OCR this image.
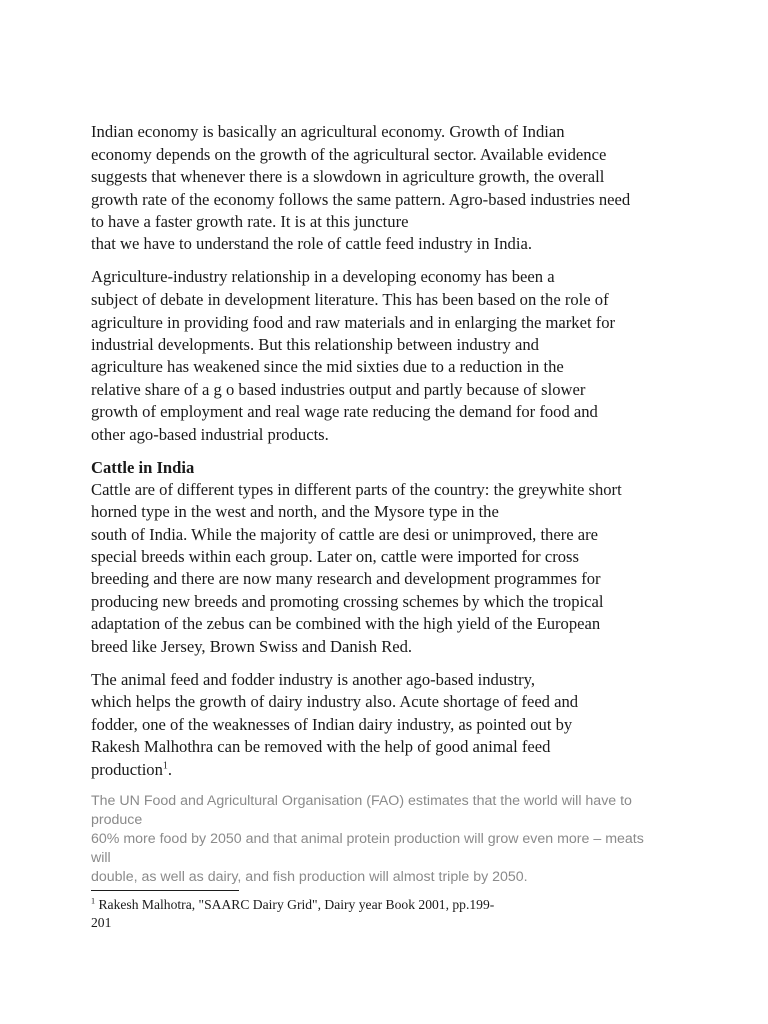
Indian economy is basically an agricultural economy. Growth of Indian
economy depends on the growth of the agricultural sector. Available evidence
suggests that whenever there is a slowdown in agriculture growth, the overall
growth rate of the economy follows the same pattern. Agro-based industries need
to have a faster growth rate. It is at this juncture
that we have to understand the role of cattle feed industry in India.
Agriculture-industry relationship in a developing economy has been a
subject of debate in development literature. This has been based on the role of
agriculture in providing food and raw materials and in enlarging the market for
industrial developments. But this relationship between industry and
agriculture has weakened since the mid sixties due to a reduction in the
relative share of a g o based industries output and partly because of slower
growth of employment and real wage rate reducing the demand for food and
other ago-based industrial products.
Cattle in India
Cattle are of different types in different parts of the country: the greywhite short
horned type in the west and north, and the Mysore type in the
south of India. While the majority of cattle are desi or unimproved, there are
special breeds within each group. Later on, cattle were imported for cross
breeding and there are now many research and development programmes for
producing new breeds and promoting crossing schemes by which the tropical
adaptation of the zebus can be combined with the high yield of the European
breed like Jersey, Brown Swiss and Danish Red.
The animal feed and fodder industry is another ago-based industry,
which helps the growth of dairy industry also. Acute shortage of feed and
fodder, one of the weaknesses of Indian dairy industry, as pointed out by
Rakesh Malhothra can be removed with the help of good animal feed
production$^1$.
The UN Food and Agricultural Organisation (FAO) estimates that the world will have to
produce
60% more food by 2050 and that animal protein production will grow even more – meats
will
double, as well as dairy, and fish production will almost triple by 2050.
$^1$ Rakesh Malhotra, "SAARC Dairy Grid", Dairy year Book 2001, pp.199-
201
